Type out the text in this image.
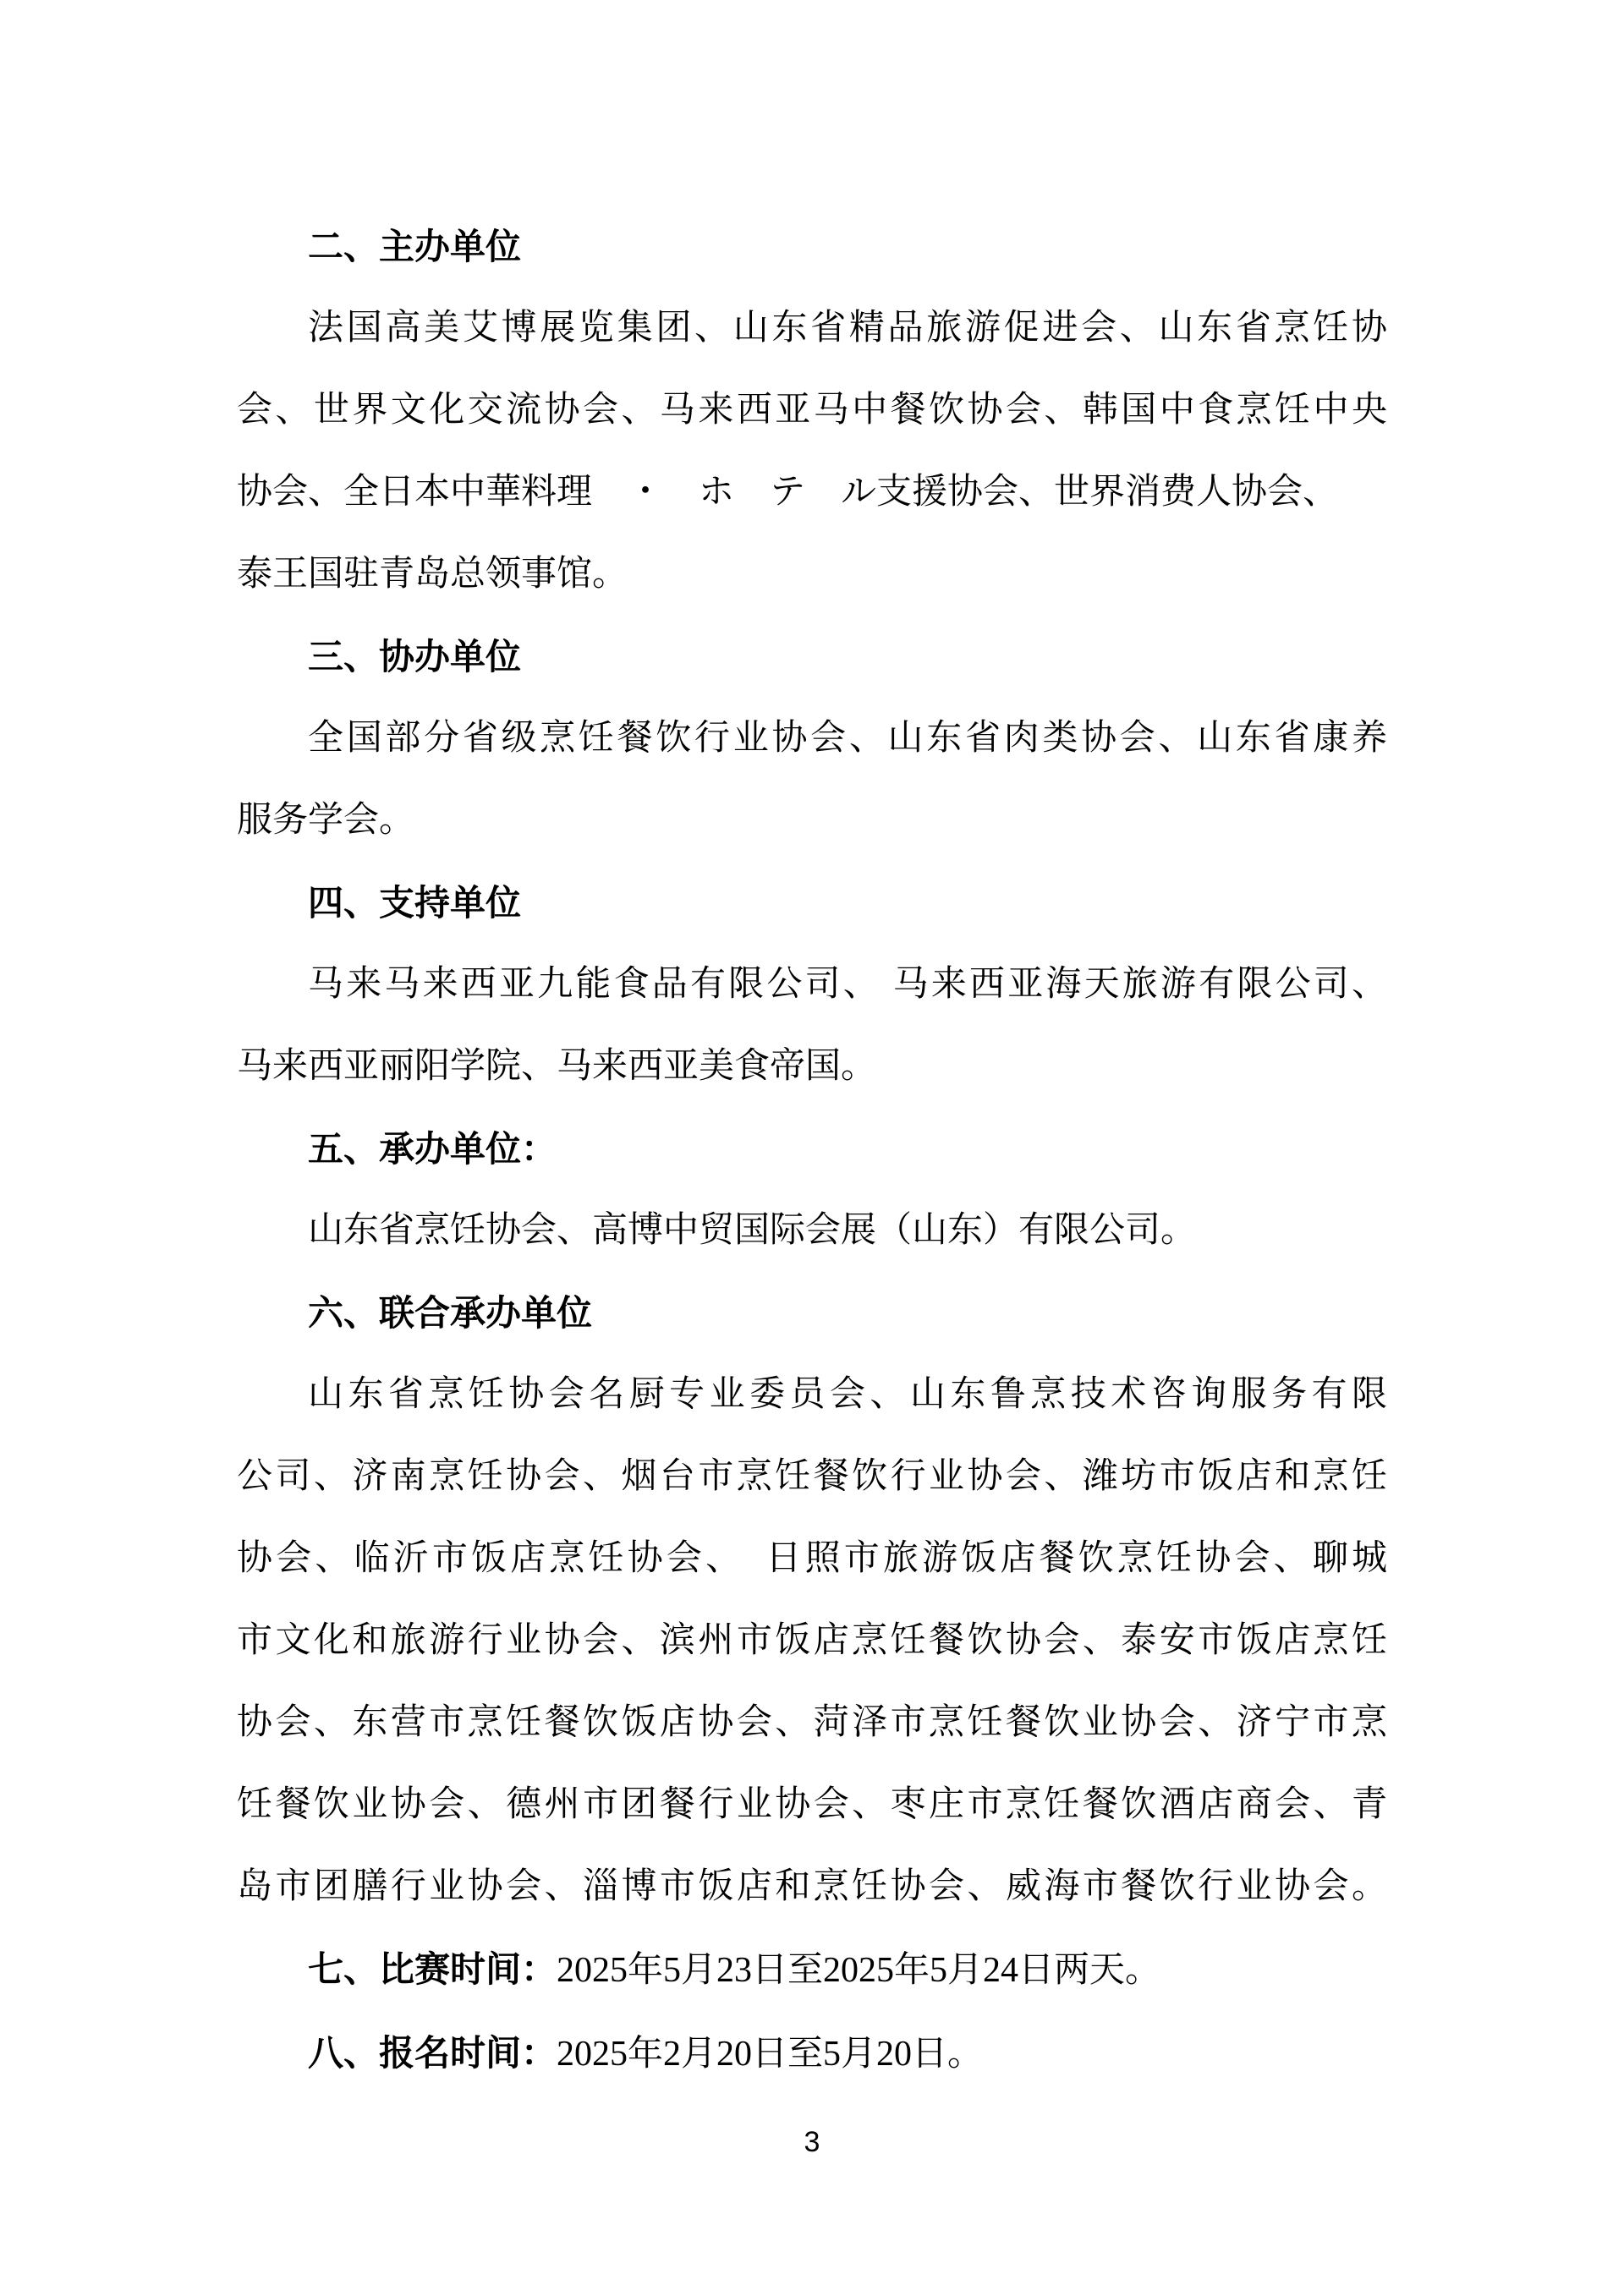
二、主办单位
法国高美艾博展览集团、山东省精品旅游促进会、山东省烹饪协
会、世界文化交流协会、马来西亚马中餐饮协会、韩国中食烹饪中央
协会、全日本中華料理　・　ホ　テ　ル支援协会、世界消费人协会、
泰王国驻青岛总领事馆。
三、协办单位
全国部分省级烹饪餐饮行业协会、山东省肉类协会、山东省康养
服务学会。
四、支持单位
马来马来西亚九能食品有限公司、 马来西亚海天旅游有限公司、
马来西亚丽阳学院、马来西亚美食帝国。
五、承办单位：
山东省烹饪协会、高博中贸国际会展（山东）有限公司。
六、联合承办单位
山东省烹饪协会名厨专业委员会、山东鲁烹技术咨询服务有限
公司、济南烹饪协会、烟台市烹饪餐饮行业协会、潍坊市饭店和烹饪
协会、临沂市饭店烹饪协会、　日照市旅游饭店餐饮烹饪协会、聊城
市文化和旅游行业协会、滨州市饭店烹饪餐饮协会、泰安市饭店烹饪
协会、东营市烹饪餐饮饭店协会、菏泽市烹饪餐饮业协会、济宁市烹
饪餐饮业协会、德州市团餐行业协会、枣庄市烹饪餐饮酒店商会、青
岛市团膳行业协会、淄博市饭店和烹饪协会、威海市餐饮行业协会。
七、比赛时间：2025年5月23日至2025年5月24日两天。
八、报名时间：2025年2月20日至5月20日。
3
